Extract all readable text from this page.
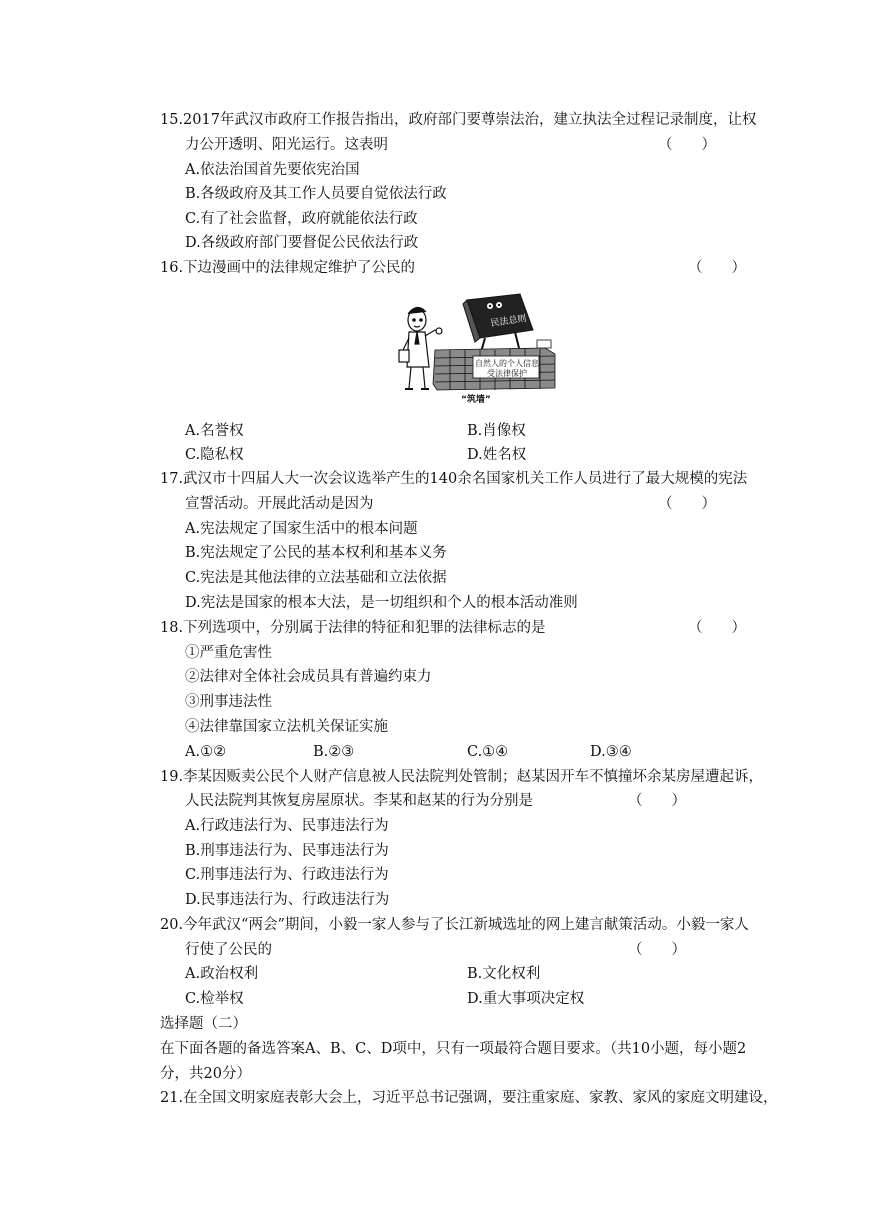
15.2017年武汉市政府工作报告指出，政府部门要尊崇法治，建立执法全过程记录制度，让权
力公开透明、阳光运行。这表明	（　　）
A.依法治国首先要依宪治国
B.各级政府及其工作人员要自觉依法行政
C.有了社会监督，政府就能依法行政
D.各级政府部门要督促公民依法行政
16.下边漫画中的法律规定维护了公民的	（　　）
民法总则
自然人的个人信息
受法律保护
“筑墙”
A.名誉权	B.肖像权
C.隐私权	D.姓名权
17.武汉市十四届人大一次会议选举产生的140余名国家机关工作人员进行了最大规模的宪法
宣誓活动。开展此活动是因为	（　　）
A.宪法规定了国家生活中的根本问题
B.宪法规定了公民的基本权利和基本义务
C.宪法是其他法律的立法基础和立法依据
D.宪法是国家的根本大法，是一切组织和个人的根本活动准则
18.下列选项中，分别属于法律的特征和犯罪的法律标志的是	（　　）
①严重危害性
②法律对全体社会成员具有普遍约束力
③刑事违法性
④法律靠国家立法机关保证实施
A.①②	B.②③	C.①④	D.③④
19.李某因贩卖公民个人财产信息被人民法院判处管制；赵某因开车不慎撞坏余某房屋遭起诉，
人民法院判其恢复房屋原状。李某和赵某的行为分别是	（　　）
A.行政违法行为、民事违法行为
B.刑事违法行为、民事违法行为
C.刑事违法行为、行政违法行为
D.民事违法行为、行政违法行为
20.今年武汉“两会”期间，小毅一家人参与了长江新城选址的网上建言献策活动。小毅一家人
行使了公民的	（　　）
A.政治权利	B.文化权利
C.检举权	D.重大事项决定权
选择题（二）
在下面各题的备选答案A、B、C、D项中，只有一项最符合题目要求。（共10小题，每小题2
分，共20分）
21.在全国文明家庭表彰大会上，习近平总书记强调，要注重家庭、家教、家风的家庭文明建设，
